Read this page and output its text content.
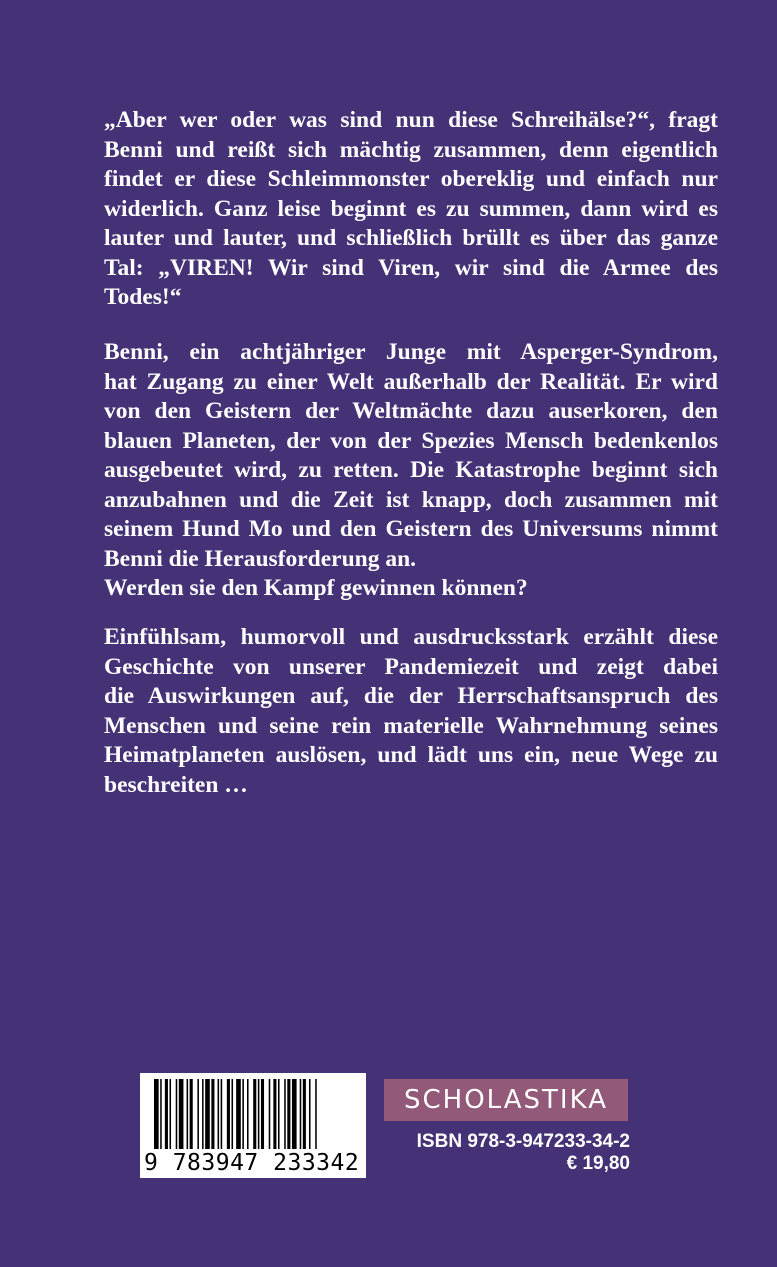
„Aber wer oder was sind nun diese Schreihälse?“, fragt
Benni und reißt sich mächtig zusammen, denn eigentlich
findet er diese Schleimmonster obereklig und einfach nur
widerlich. Ganz leise beginnt es zu summen, dann wird es
lauter und lauter, und schließlich brüllt es über das ganze
Tal: „VIREN! Wir sind Viren, wir sind die Armee des
Todes!“
Benni, ein achtjähriger Junge mit Asperger-Syndrom,
hat Zugang zu einer Welt außerhalb der Realität. Er wird
von den Geistern der Weltmächte dazu auserkoren, den
blauen Planeten, der von der Spezies Mensch bedenkenlos
ausgebeutet wird, zu retten. Die Katastrophe beginnt sich
anzubahnen und die Zeit ist knapp, doch zusammen mit
seinem Hund Mo und den Geistern des Universums nimmt
Benni die Herausforderung an.
Werden sie den Kampf gewinnen können?
Einfühlsam, humorvoll und ausdrucksstark erzählt diese
Geschichte von unserer Pandemiezeit und zeigt dabei
die Auswirkungen auf, die der Herrschaftsanspruch des
Menschen und seine rein materielle Wahrnehmung seines
Heimatplaneten auslösen, und lädt uns ein, neue Wege zu
beschreiten …
9 783947 233342
SCHOLASTIKA
ISBN 978-3-947233-34-2
€ 19,80
